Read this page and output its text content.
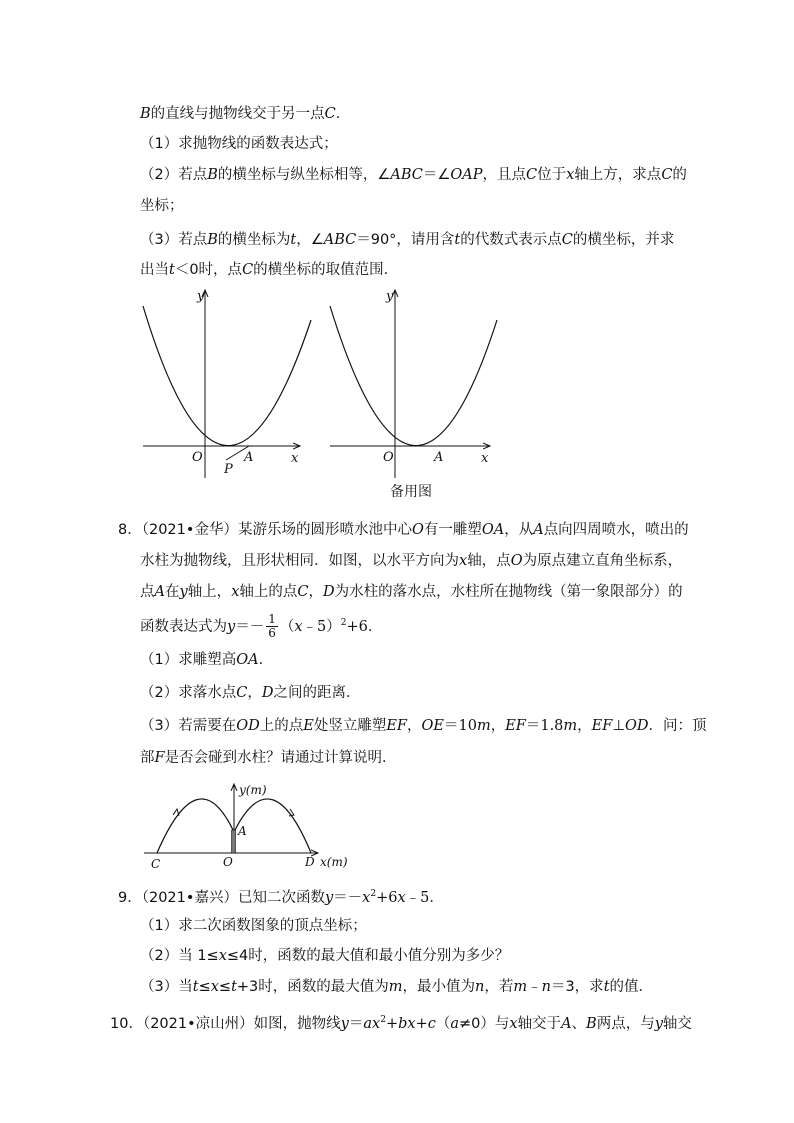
B的直线与抛物线交于另一点C.
（1）求抛物线的函数表达式；
（2）若点B的横坐标与纵坐标相等，∠ABC＝∠OAP，且点C位于x轴上方，求点C的
坐标；
（3）若点B的横坐标为t，∠ABC＝90°，请用含t的代数式表示点C的横坐标，并求
出当t＜0时，点C的横坐标的取值范围．
y
x
O	A
P
y
x
O	A
备用图
8．（2021•金华）某游乐场的圆形喷水池中心O有一雕塑OA，从A点向四周喷水，喷出的
水柱为抛物线，且形状相同．如图，以水平方向为x轴，点O为原点建立直角坐标系，
点A在y轴上，x轴上的点C，D为水柱的落水点，水柱所在抛物线（第一象限部分）的
函数表达式为$y=- \frac{1}{6}$ （x﹣5）$^2$+6．
（1）求雕塑高OA．
（2）求落水点C，D之间的距离．
（3）若需要在OD上的点E处竖立雕塑EF，OE＝10m，EF＝1.8m，EF⊥OD．问：顶
部F是否会碰到水柱？请通过计算说明．
y(m)
A
O
C	D x(m)
9．（2021•嘉兴）已知二次函数$y=-x^2+6x﹣5$．
（1）求二次函数图象的顶点坐标；
（2）当 1≤x≤4时，函数的最大值和最小值分别为多少？
（3）当t≤x≤t+3时，函数的最大值为m，最小值为n，若m﹣n＝3，求t的值．
10．（2021•凉山州）如图，抛物线$y=ax^2+bx+c(a\ne 0)$与x轴交于A、B两点，与y轴交
